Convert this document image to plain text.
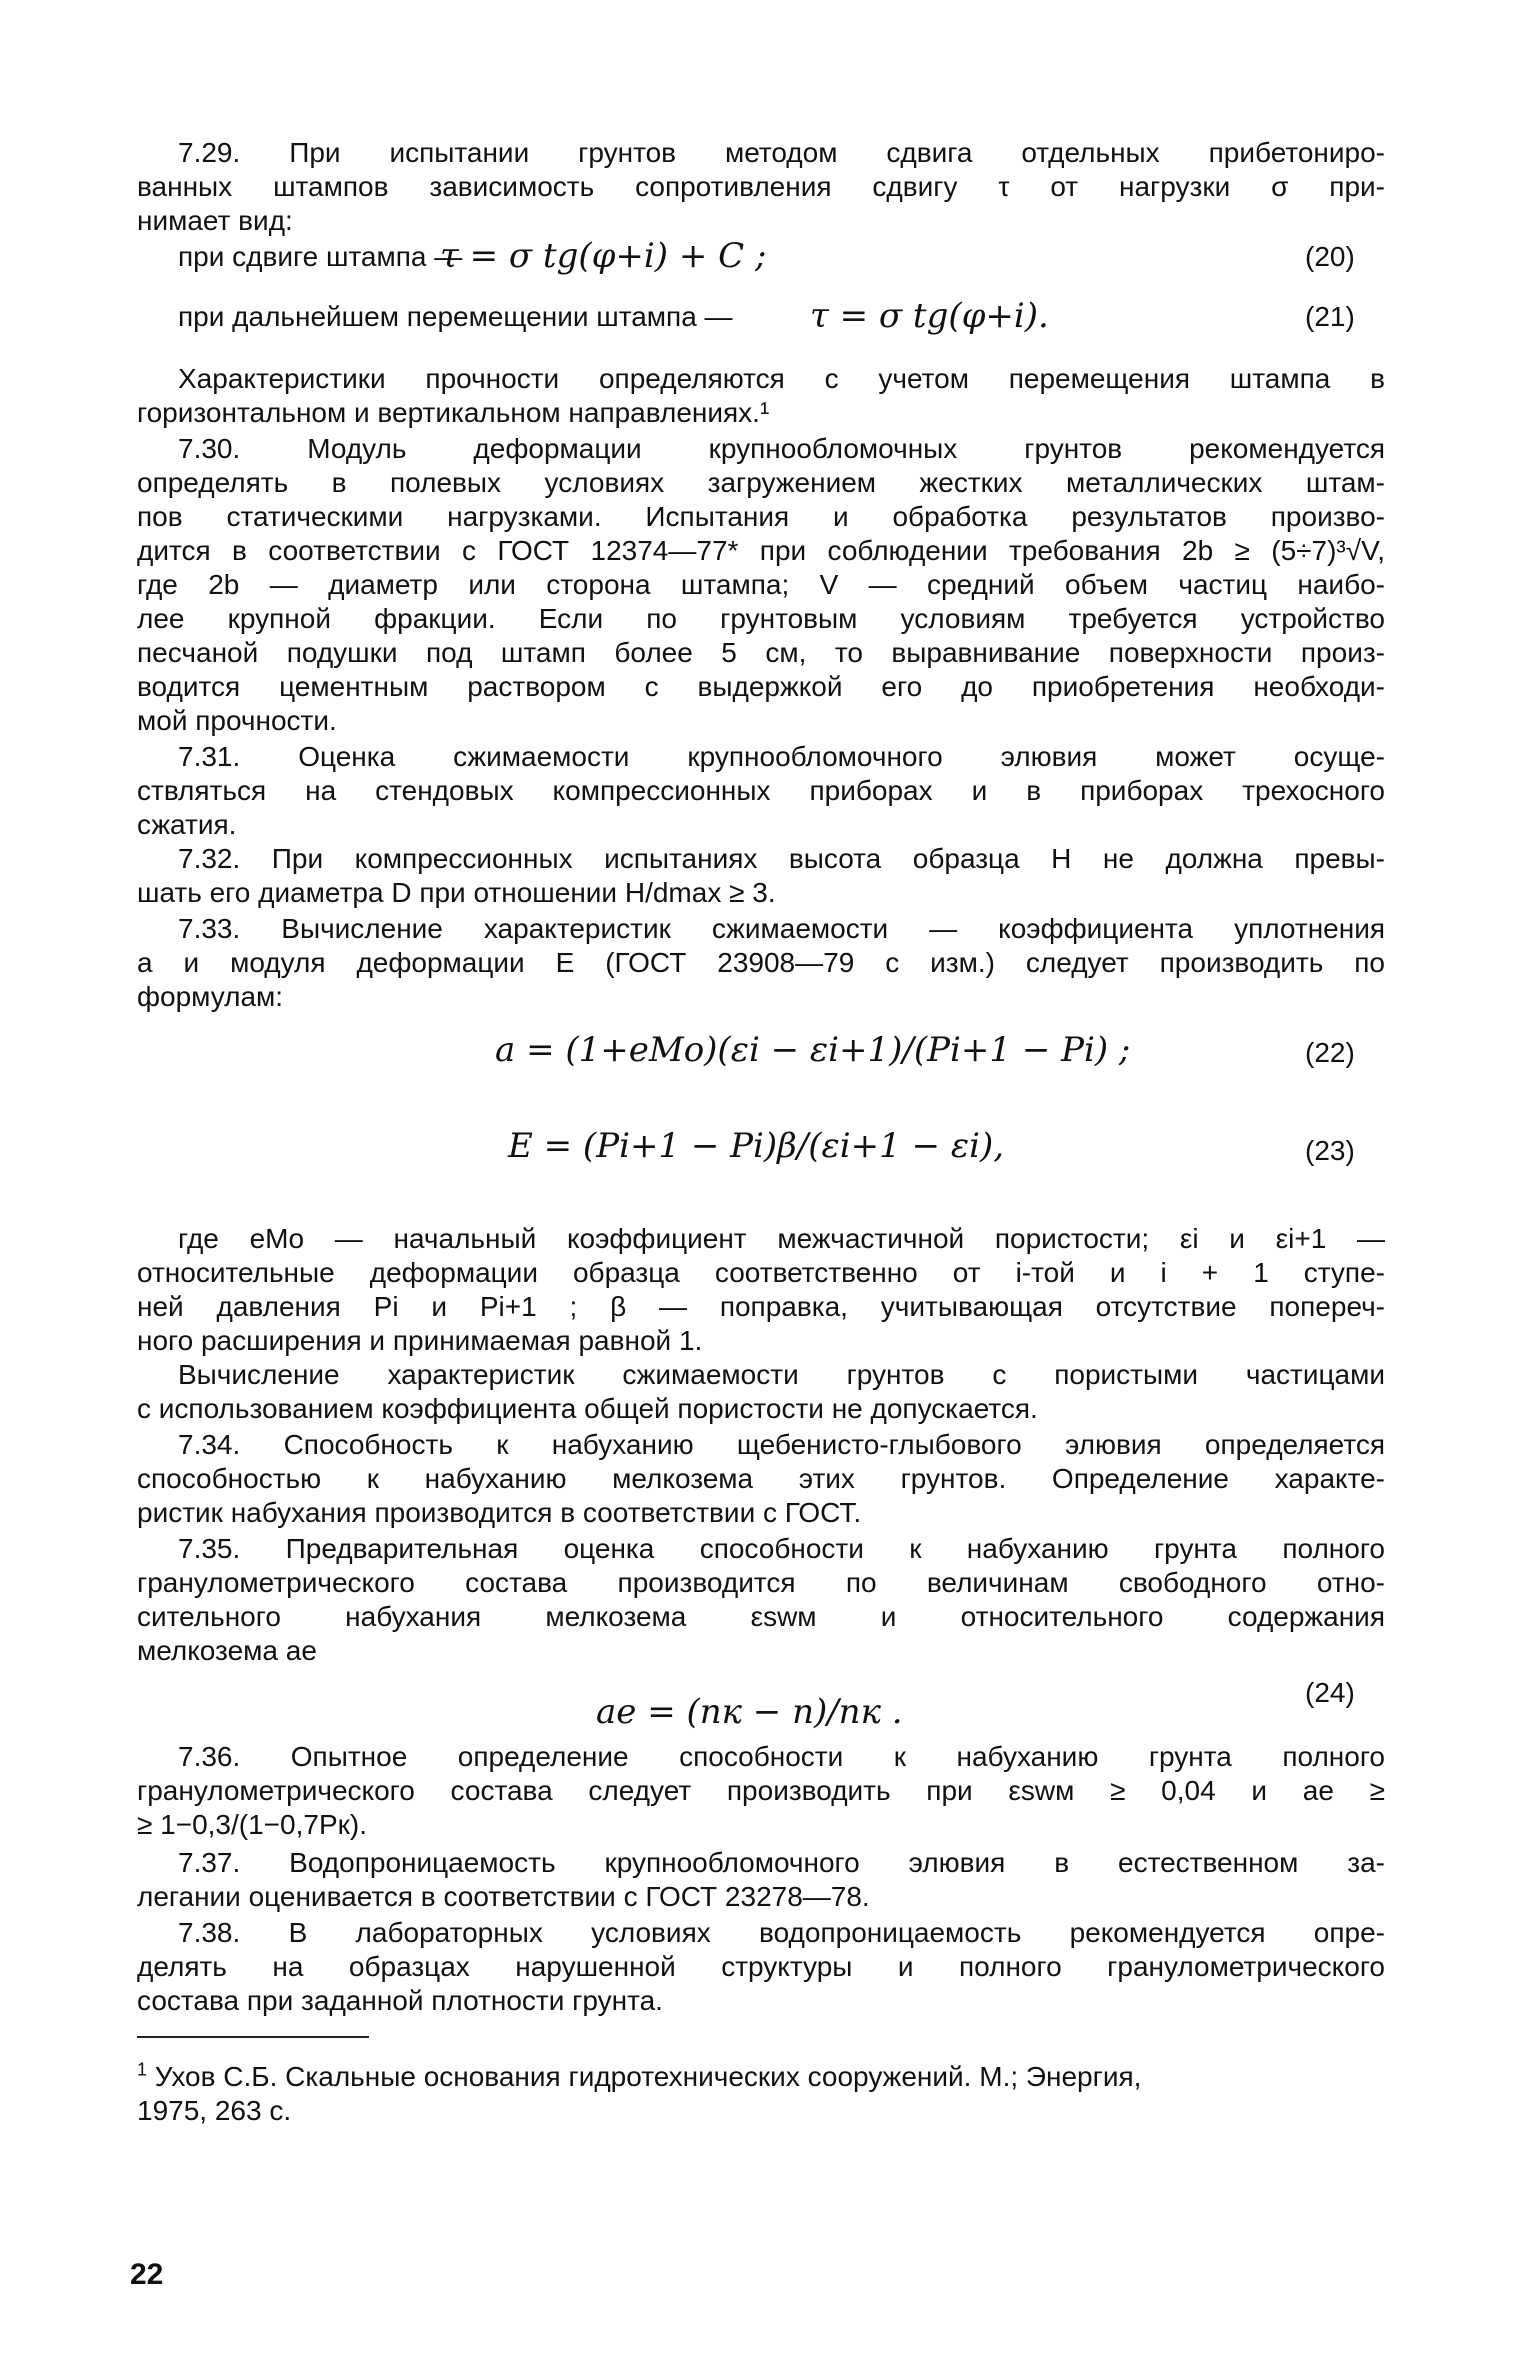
7.29. При испытании грунтов методом сдвига отдельных прибетониро-
ванных штампов зависимость сопротивления сдвигу τ от нагрузки σ при-
нимает вид:
при сдвиге штампа —
τ = σ tg(φ+i) + C ;	(20)
при дальнейшем перемещении штампа — τ = σ tg(φ+i).	(21)
Характеристики прочности определяются с учетом перемещения штампа в
горизонтальном и вертикальном направлениях.¹
7.30. Модуль деформации крупнообломочных грунтов рекомендуется
определять в полевых условиях загружением жестких металлических штам-
пов статическими нагрузками. Испытания и обработка результатов произво-
дится в соответствии с ГОСТ 12374—77* при соблюдении требования 2b ≥ (5÷7)³√V,
где 2b — диаметр или сторона штампа; V — средний объем частиц наибо-
лее крупной фракции. Если по грунтовым условиям требуется устройство
песчаной подушки под штамп более 5 см, то выравнивание поверхности произ-
водится цементным раствором с выдержкой его до приобретения необходи-
мой прочности.
7.31. Оценка сжимаемости крупнообломочного элювия может осуще-
ствляться на стендовых компрессионных приборах и в приборах трехосного
сжатия.
7.32. При компрессионных испытаниях высота образца H не должна превы-
шать его диаметра D при отношении H/dmax ≥ 3.
7.33. Вычисление характеристик сжимаемости — коэффициента уплотнения
a и модуля деформации E (ГОСТ 23908—79 с изм.) следует производить по
формулам:
a = (1+eMo)(εi − εi+1)/(Pi+1 − Pi) ;	(22)
E = (Pi+1 − Pi)β/(εi+1 − εi),	(23)
где eMo — начальный коэффициент межчастичной пористости; εi и εi+1 —
относительные деформации образца соответственно от i-той и i + 1 ступе-
ней давления Pi и Pi+1 ; β — поправка, учитывающая отсутствие попереч-
ного расширения и принимаемая равной 1.
Вычисление характеристик сжимаемости грунтов с пористыми частицами
с использованием коэффициента общей пористости не допускается.
7.34. Способность к набуханию щебенисто-глыбового элювия определяется
способностью к набуханию мелкозема этих грунтов. Определение характе-
ристик набухания производится в соответствии с ГОСТ.
7.35. Предварительная оценка способности к набуханию грунта полного
гранулометрического состава производится по величинам свободного отно-
сительного набухания мелкозема εswм и относительного содержания
мелкозема ae
ae = (nк − n)/nк .	(24)
7.36. Опытное определение способности к набуханию грунта полного
гранулометрического состава следует производить при εswм ≥ 0,04 и ae ≥
≥ 1−0,3/(1−0,7Pк).
7.37. Водопроницаемость крупнообломочного элювия в естественном за-
легании оценивается в соответствии с ГОСТ 23278—78.
7.38. В лабораторных условиях водопроницаемость рекомендуется опре-
делять на образцах нарушенной структуры и полного гранулометрического
состава при заданной плотности грунта.
$^1$ Ухов С.Б. Скальные основания гидротехнических сооружений. М.; Энергия,
1975, 263 с.
22
